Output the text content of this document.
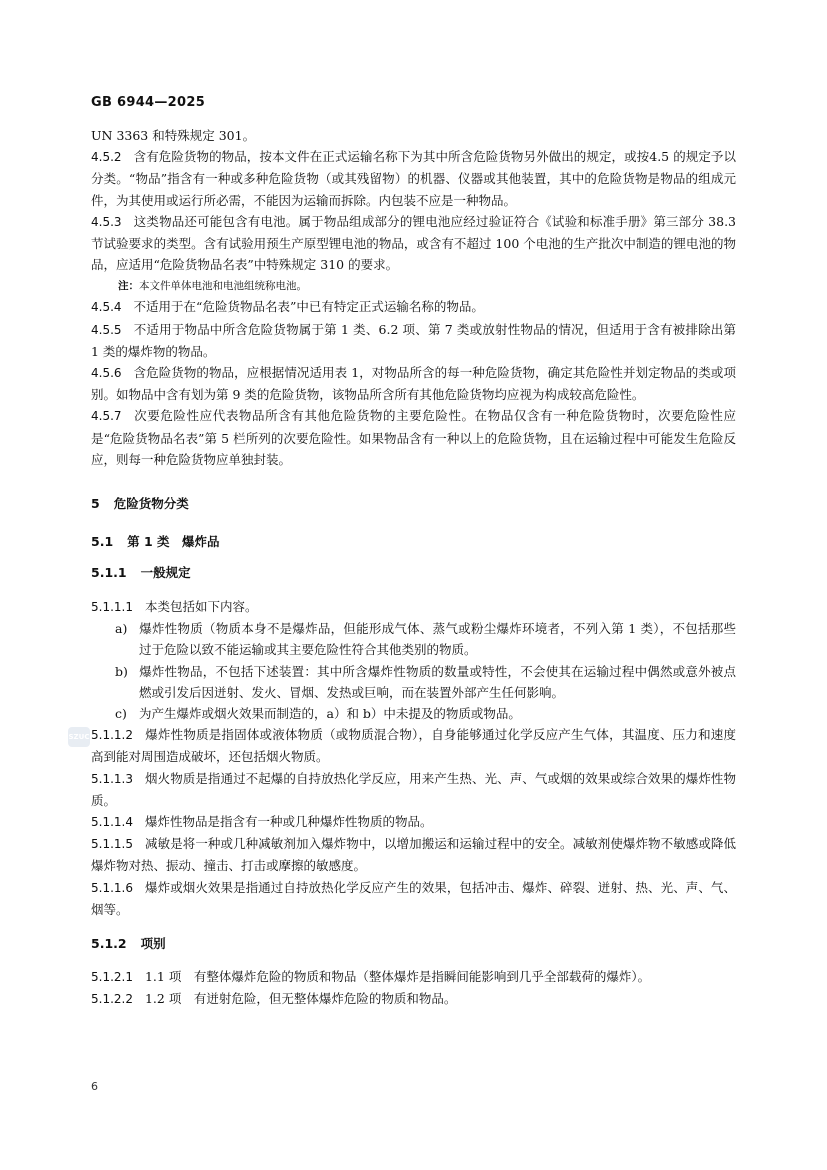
GB 6944—2025

UN 3363 和特殊规定 301。

4.5.2 含有危险货物的物品，按本文件在正式运输名称下为其中所含危险货物另外做出的规定，或按4.5 的规定予以分类。“物品”指含有一种或多种危险货物（或其残留物）的机器、仪器或其他装置，其中的危险货物是物品的组成元件，为其使用或运行所必需，不能因为运输而拆除。内包装不应是一种物品。

4.5.3 这类物品还可能包含有电池。属于物品组成部分的锂电池应经过验证符合《试验和标准手册》第三部分 38.3 节试验要求的类型。含有试验用预生产原型锂电池的物品，或含有不超过 100 个电池的生产批次中制造的锂电池的物品，应适用“危险货物品名表”中特殊规定 310 的要求。

注：本文件单体电池和电池组统称电池。

4.5.4 不适用于在“危险货物品名表”中已有特定正式运输名称的物品。

4.5.5 不适用于物品中所含危险货物属于第 1 类、6.2 项、第 7 类或放射性物品的情况，但适用于含有被排除出第 1 类的爆炸物的物品。

4.5.6 含危险货物的物品，应根据情况适用表 1，对物品所含的每一种危险货物，确定其危险性并划定物品的类或项别。如物品中含有划为第 9 类的危险货物，该物品所含所有其他危险货物均应视为构成较高危险性。

4.5.7 次要危险性应代表物品所含有其他危险货物的主要危险性。在物品仅含有一种危险货物时，次要危险性应是“危险货物品名表”第 5 栏所列的次要危险性。如果物品含有一种以上的危险货物，且在运输过程中可能发生危险反应，则每一种危险货物应单独封装。

5 危险货物分类
5.1 第 1 类　爆炸品
5.1.1 一般规定

5.1.1.1 本类包括如下内容。

a) 爆炸性物质（物质本身不是爆炸品，但能形成气体、蒸气或粉尘爆炸环境者，不列入第 1 类），不包括那些过于危险以致不能运输或其主要危险性符合其他类别的物质。

b) 爆炸性物品，不包括下述装置：其中所含爆炸性物质的数量或特性，不会使其在运输过程中偶然或意外被点燃或引发后因迸射、发火、冒烟、发热或巨响，而在装置外部产生任何影响。

c) 为产生爆炸或烟火效果而制造的，a）和 b）中未提及的物质或物品。

5.1.1.2 爆炸性物质是指固体或液体物质（或物质混合物），自身能够通过化学反应产生气体，其温度、压力和速度高到能对周围造成破坏，还包括烟火物质。

5.1.1.3 烟火物质是指通过不起爆的自持放热化学反应，用来产生热、光、声、气或烟的效果或综合效果的爆炸性物质。

5.1.1.4 爆炸性物品是指含有一种或几种爆炸性物质的物品。

5.1.1.5 减敏是将一种或几种减敏剂加入爆炸物中，以增加搬运和运输过程中的安全。减敏剂使爆炸物不敏感或降低爆炸物对热、振动、撞击、打击或摩擦的敏感度。

5.1.1.6 爆炸或烟火效果是指通过自持放热化学反应产生的效果，包括冲击、爆炸、碎裂、迸射、热、光、声、气、烟等。

5.1.2 项别

5.1.2.1 1.1 项　有整体爆炸危险的物质和物品（整体爆炸是指瞬间能影响到几乎全部载荷的爆炸）。

5.1.2.2 1.2 项　有迸射危险，但无整体爆炸危险的物质和物品。

SZUC
6
